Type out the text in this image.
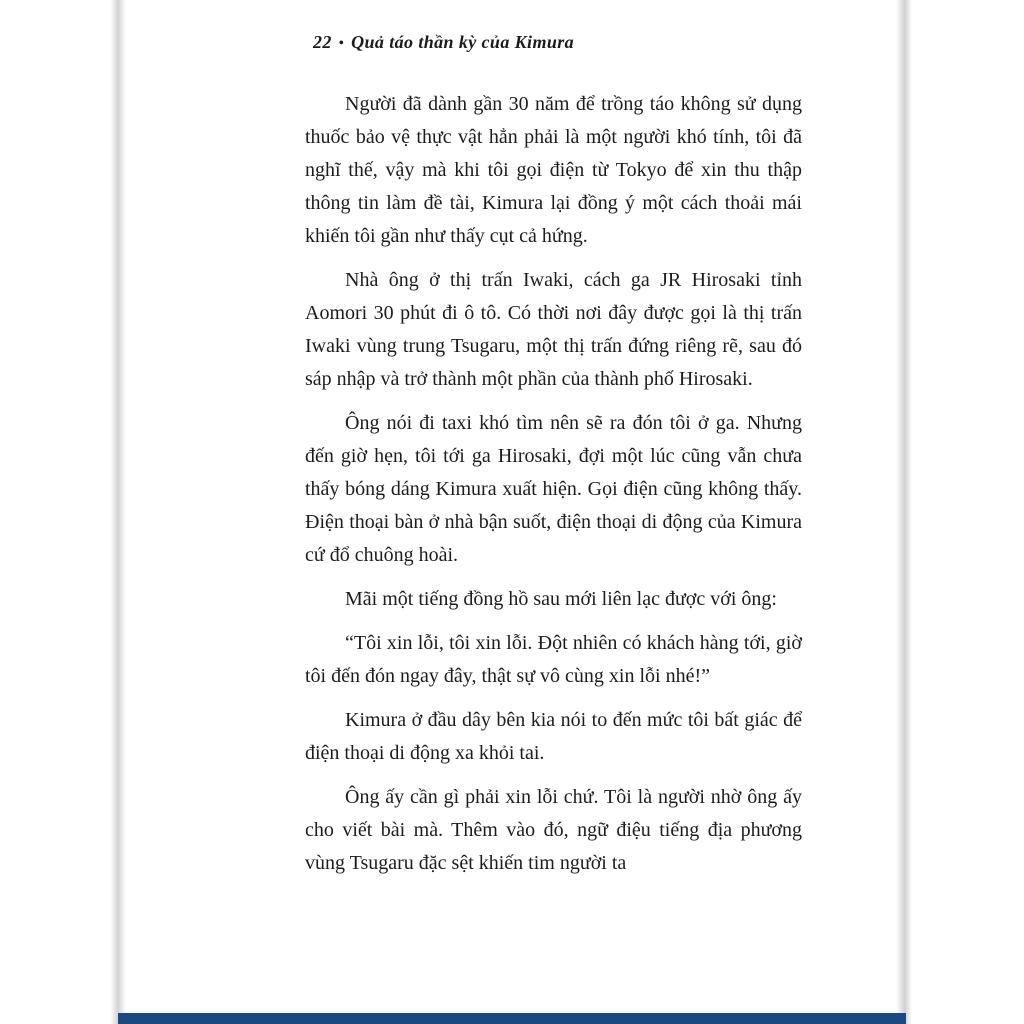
22 • Quả táo thần kỳ của Kimura

Người đã dành gần 30 năm để trồng táo không sử dụng thuốc bảo vệ thực vật hẳn phải là một người khó tính, tôi đã nghĩ thế, vậy mà khi tôi gọi điện từ Tokyo để xin thu thập thông tin làm đề tài, Kimura lại đồng ý một cách thoải mái khiến tôi gần như thấy cụt cả hứng.

Nhà ông ở thị trấn Iwaki, cách ga JR Hirosaki tỉnh Aomori 30 phút đi ô tô. Có thời nơi đây được gọi là thị trấn Iwaki vùng trung Tsugaru, một thị trấn đứng riêng rẽ, sau đó sáp nhập và trở thành một phần của thành phố Hirosaki.

Ông nói đi taxi khó tìm nên sẽ ra đón tôi ở ga. Nhưng đến giờ hẹn, tôi tới ga Hirosaki, đợi một lúc cũng vẫn chưa thấy bóng dáng Kimura xuất hiện. Gọi điện cũng không thấy. Điện thoại bàn ở nhà bận suốt, điện thoại di động của Kimura cứ đổ chuông hoài.

Mãi một tiếng đồng hồ sau mới liên lạc được với ông:

“Tôi xin lỗi, tôi xin lỗi. Đột nhiên có khách hàng tới, giờ tôi đến đón ngay đây, thật sự vô cùng xin lỗi nhé!”

Kimura ở đầu dây bên kia nói to đến mức tôi bất giác để điện thoại di động xa khỏi tai.

Ông ấy cần gì phải xin lỗi chứ. Tôi là người nhờ ông ấy cho viết bài mà. Thêm vào đó, ngữ điệu tiếng địa phương vùng Tsugaru đặc sệt khiến tim người ta
